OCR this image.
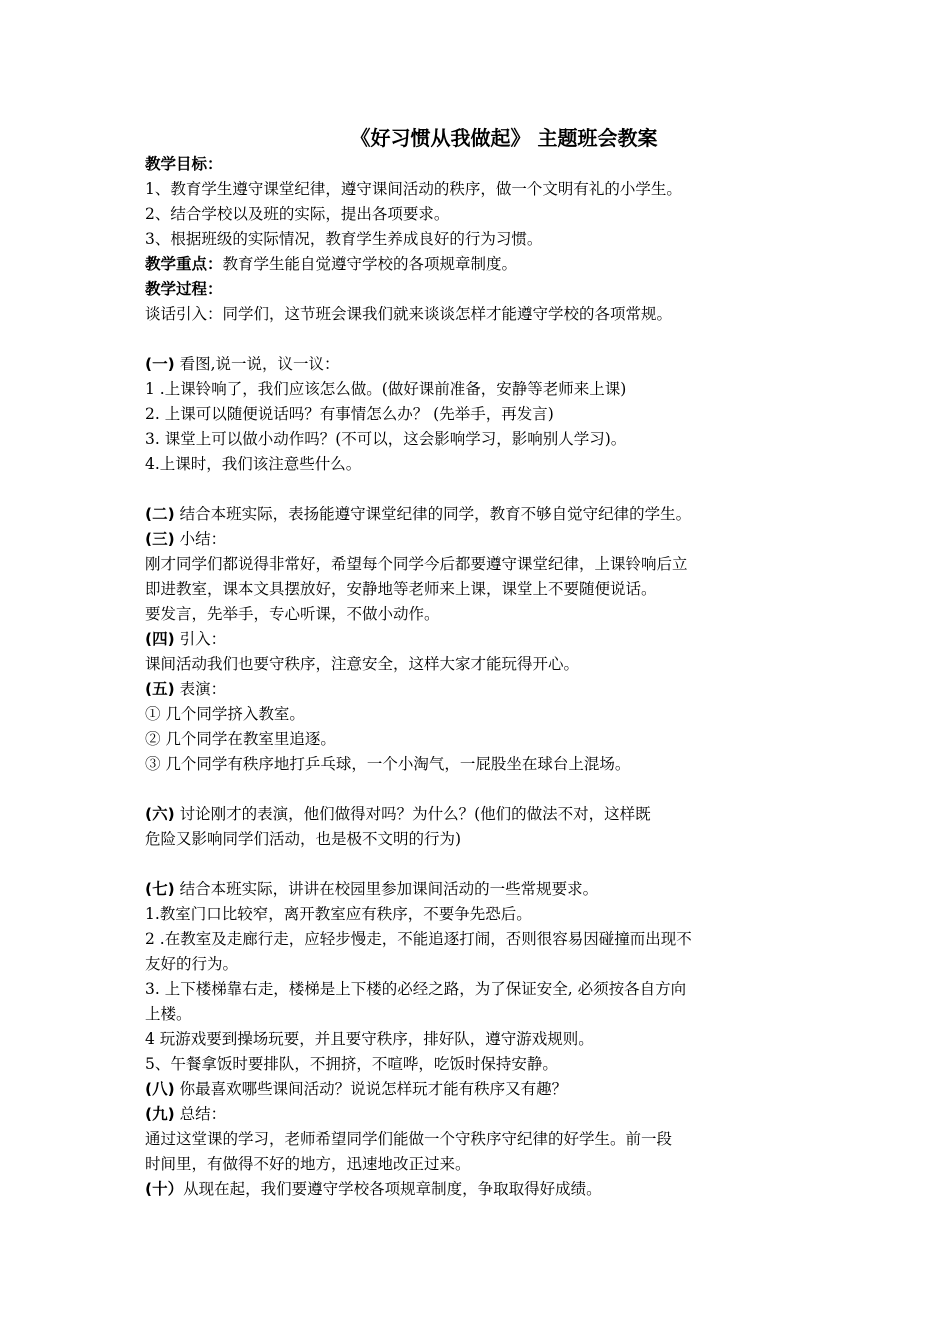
《好习惯从我做起》 主题班会教案
教学目标：
1、教育学生遵守课堂纪律，遵守课间活动的秩序，做一个文明有礼的小学生。
2、结合学校以及班的实际，提出各项要求。
3、根据班级的实际情况，教育学生养成良好的行为习惯。
教学重点：教育学生能自觉遵守学校的各项规章制度。
教学过程：
谈话引入：同学们，这节班会课我们就来谈谈怎样才能遵守学校的各项常规。
(一) 看图,说一说，议一议：
1 .上课铃响了，我们应该怎么做。(做好课前准备，安静等老师来上课)
2. 上课可以随便说话吗？有事情怎么办？ (先举手，再发言)
3. 课堂上可以做小动作吗？(不可以，这会影响学习，影响别人学习)。
4.上课时，我们该注意些什么。
(二) 结合本班实际，表扬能遵守课堂纪律的同学，教育不够自觉守纪律的学生。
(三) 小结：
刚才同学们都说得非常好，希望每个同学今后都要遵守课堂纪律，上课铃响后立
即进教室，课本文具摆放好，安静地等老师来上课，课堂上不要随便说话。
要发言，先举手，专心听课，不做小动作。
(四) 引入：
课间活动我们也要守秩序，注意安全，这样大家才能玩得开心。
(五) 表演：
① 几个同学挤入教室。
② 几个同学在教室里追逐。
③ 几个同学有秩序地打乒乓球，一个小淘气，一屁股坐在球台上混场。
(六) 讨论刚才的表演，他们做得对吗？为什么？(他们的做法不对，这样既
危险又影响同学们活动，也是极不文明的行为)
(七) 结合本班实际，讲讲在校园里参加课间活动的一些常规要求。
1.教室门口比较窄，离开教室应有秩序，不要争先恐后。
2 .在教室及走廊行走，应轻步慢走，不能追逐打闹，否则很容易因碰撞而出现不
友好的行为。
3. 上下楼梯靠右走，楼梯是上下楼的必经之路，为了保证安全, 必须按各自方向
上楼。
4 玩游戏要到操场玩要，并且要守秩序，排好队，遵守游戏规则。
5、午餐拿饭时要排队，不拥挤，不喧哗，吃饭时保持安静。
(八) 你最喜欢哪些课间活动？说说怎样玩才能有秩序又有趣？
(九) 总结：
通过这堂课的学习，老师希望同学们能做一个守秩序守纪律的好学生。前一段
时间里，有做得不好的地方，迅速地改正过来。
(十）从现在起，我们要遵守学校各项规章制度，争取取得好成绩。
